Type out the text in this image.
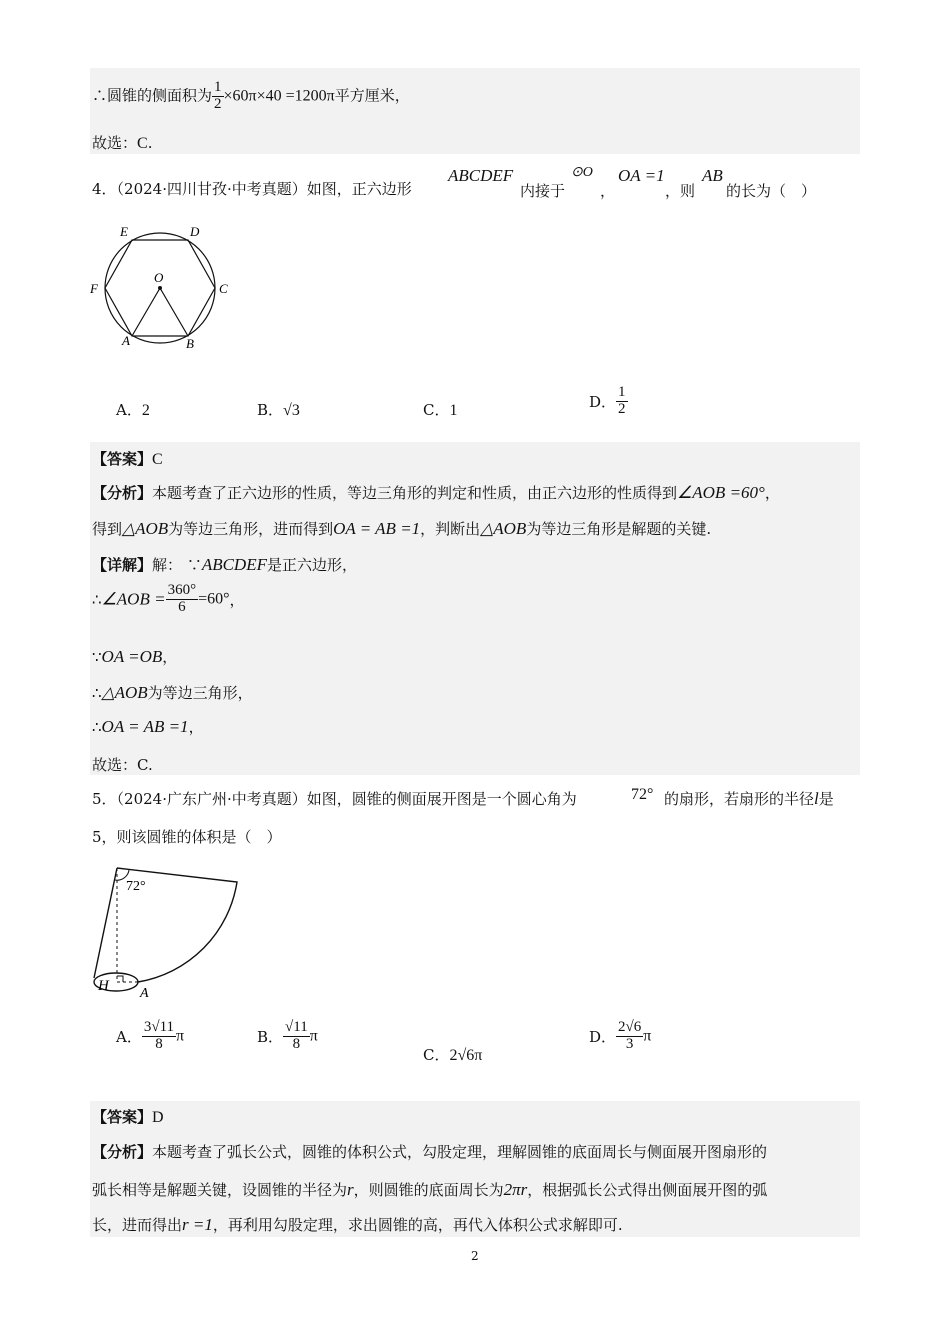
∴圆锥的侧面积为 $\frac{1}{2} \times 60\pi\times 40 =1200\pi$平方厘米，
故选：C.
4．（2024·四川甘孜·中考真题）如图，正六边形
ABCDEF
内接于
⊙O
，
OA =1
，则
AB
的长为（　）
E	D
F
O
C
A	B
A．2	B．√3	C．1	D． $\frac{1}{2}$
【答案】C
【分析】本题考查了正六边形的性质，等边三角形的判定和性质，由正六边形的性质得到∠AOB =60°，
得到△AOB为等边三角形，进而得到OA = AB =1，判断出△AOB为等边三角形是解题的关键.
【详解】解： ∵ABCDEF是正六边形，
∴∠AOB = $\frac{360^\circ}{6} =60^\circ$，
∵OA =OB，
∴△AOB为等边三角形，
∴OA = AB =1，
故选：C.
5．（2024·广东广州·中考真题）如图，圆锥的侧面展开图是一个圆心角为	72° 的扇形，若扇形的半径l是
5，则该圆锥的体积是（　）
72°
H A
A． $\frac{3√11}{8}$ π	B． $\frac{√11}{8}$ π
C．2√6π
D． $\frac{2√6}{3}$ π
【答案】D
【分析】本题考查了弧长公式，圆锥的体积公式，勾股定理，理解圆锥的底面周长与侧面展开图扇形的
弧长相等是解题关键，设圆锥的半径为r，则圆锥的底面周长为2πr，根据弧长公式得出侧面展开图的弧
长，进而得出r =1，再利用勾股定理，求出圆锥的高，再代入体积公式求解即可.
2
